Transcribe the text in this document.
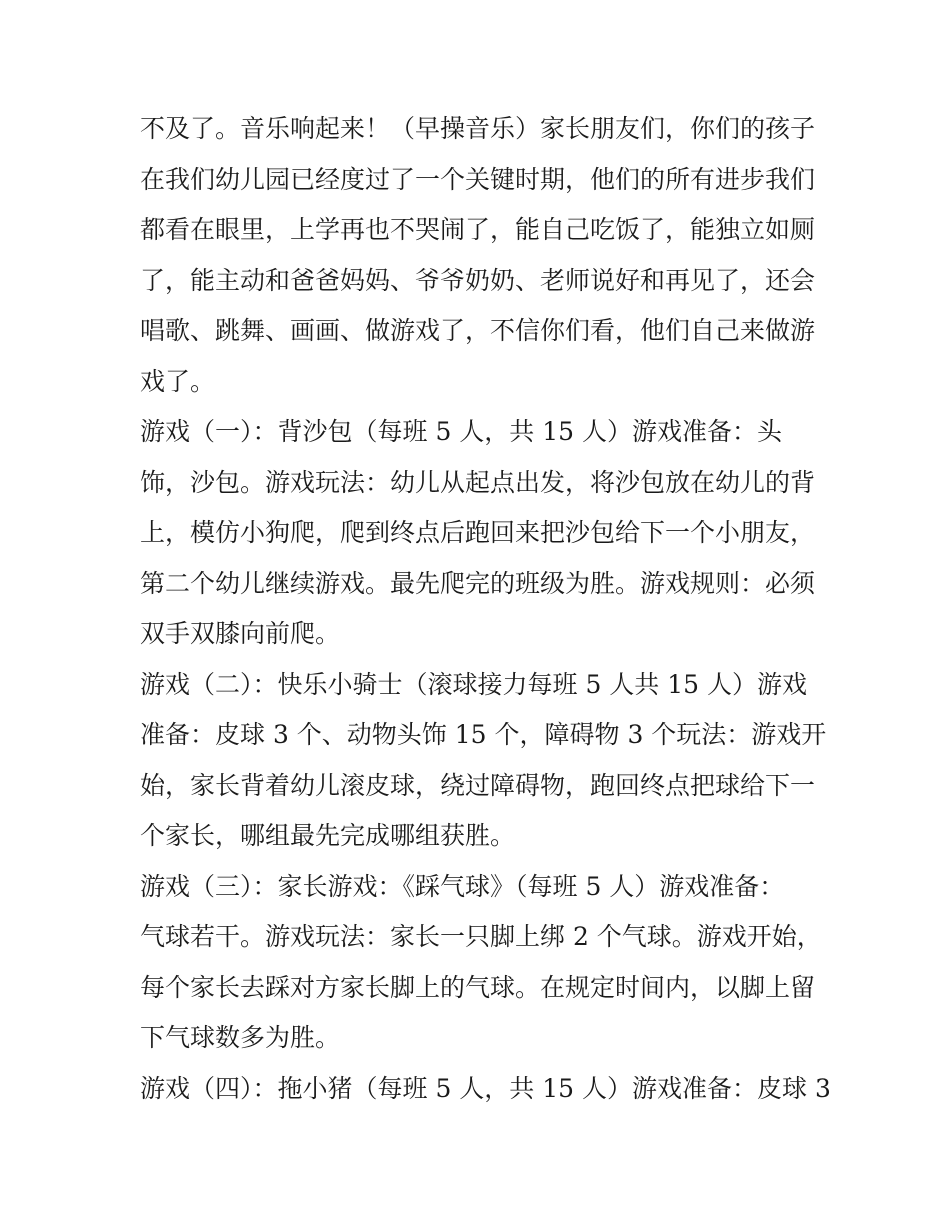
不及了。音乐响起来！（早操音乐）家长朋友们，你们的孩子
在我们幼儿园已经度过了一个关键时期，他们的所有进步我们
都看在眼里，上学再也不哭闹了，能自己吃饭了，能独立如厕
了，能主动和爸爸妈妈、爷爷奶奶、老师说好和再见了，还会
唱歌、跳舞、画画、做游戏了，不信你们看，他们自己来做游
戏了。
游戏（一）：背沙包（每班 5 人，共 15 人）游戏准备：头
饰，沙包。游戏玩法：幼儿从起点出发，将沙包放在幼儿的背
上，模仿小狗爬，爬到终点后跑回来把沙包给下一个小朋友，
第二个幼儿继续游戏。最先爬完的班级为胜。游戏规则：必须
双手双膝向前爬。
游戏（二）：快乐小骑士（滚球接力每班 5 人共 15 人）游戏
准备：皮球 3 个、动物头饰 15 个，障碍物 3 个玩法：游戏开
始，家长背着幼儿滚皮球，绕过障碍物，跑回终点把球给下一
个家长，哪组最先完成哪组获胜。
游戏（三）：家长游戏：《踩气球》（每班 5 人）游戏准备：
气球若干。游戏玩法：家长一只脚上绑 2 个气球。游戏开始，
每个家长去踩对方家长脚上的气球。在规定时间内，以脚上留
下气球数多为胜。
游戏（四）：拖小猪（每班 5 人，共 15 人）游戏准备：皮球 3
